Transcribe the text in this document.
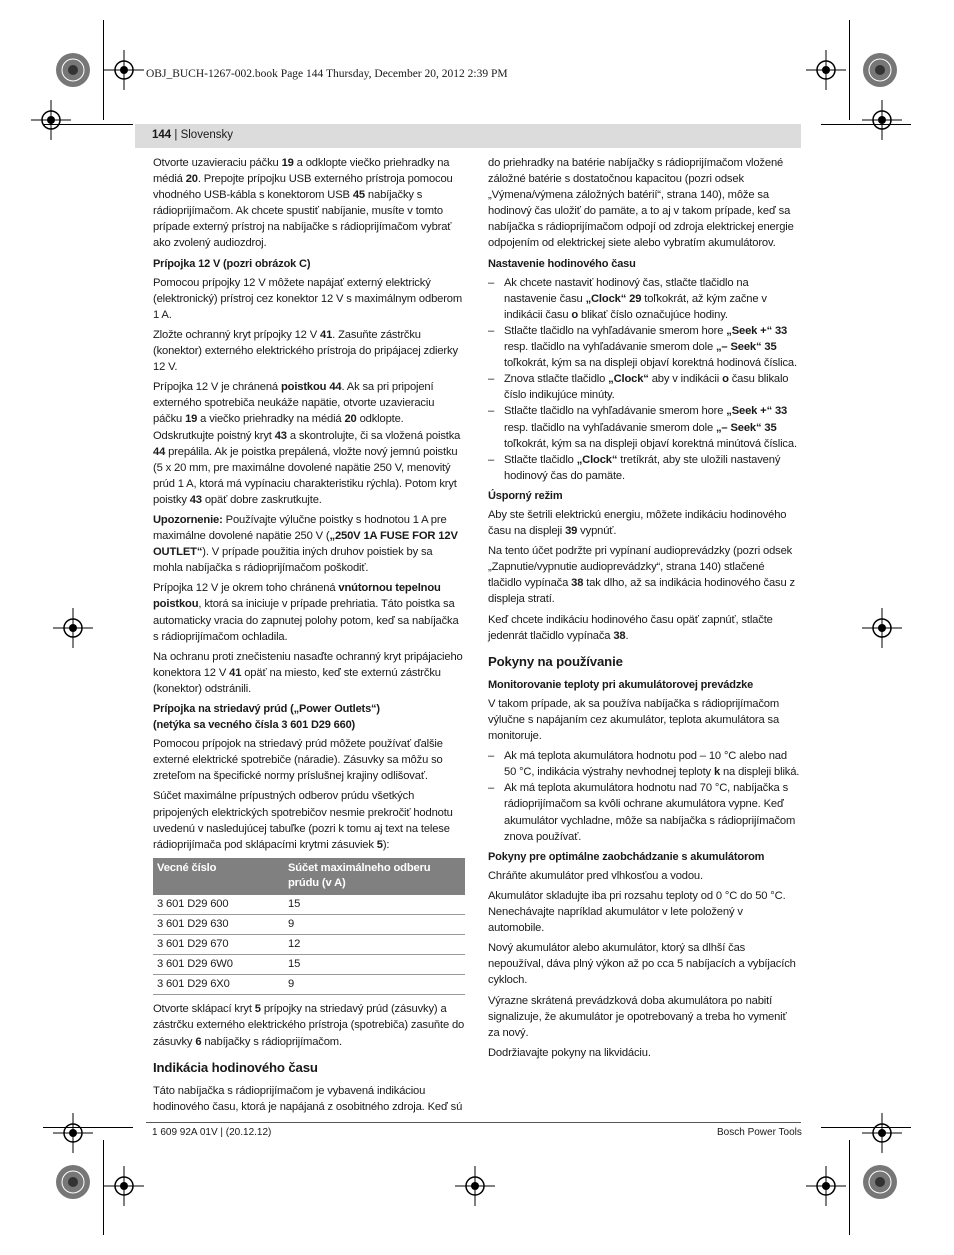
OBJ_BUCH-1267-002.book Page 144 Thursday, December 20, 2012 2:39 PM
144 | Slovensky

Otvorte uzavieraciu páčku 19 a odklopte viečko priehradky na médiá 20. Prepojte prípojku USB externého prístroja pomocou vhodného USB-kábla s konektorom USB 45 nabíjačky s rádioprijímačom. Ak chcete spustiť nabíjanie, musíte v tomto prípade externý prístroj na nabíjačke s rádioprijímačom vybrať ako zvolený audiozdroj.

Prípojka 12 V (pozri obrázok C)

Pomocou prípojky 12 V môžete napájať externý elektrický (elektronický) prístroj cez konektor 12 V s maximálnym odberom 1 A.

Zložte ochranný kryt prípojky 12 V 41. Zasuňte zástrčku (konektor) externého elektrického prístroja do pripájacej zdierky 12 V.

Prípojka 12 V je chránená poistkou 44. Ak sa pri pripojení externého spotrebiča neukáže napätie, otvorte uzavieraciu páčku 19 a viečko priehradky na médiá 20 odklopte. Odskrutkujte poistný kryt 43 a skontrolujte, či sa vložená poistka 44 prepálila. Ak je poistka prepálená, vložte nový jemnú poistku (5 x 20 mm, pre maximálne dovolené napätie 250 V, menovitý prúd 1 A, ktorá má vypínaciu charakteristiku rýchla). Potom kryt poistky 43 opäť dobre zaskrutkujte.

Upozornenie: Používajte výlučne poistky s hodnotou 1 A pre maximálne dovolené napätie 250 V („250V 1A FUSE FOR 12V OUTLET“). V prípade použitia iných druhov poistiek by sa mohla nabíjačka s rádioprijímačom poškodiť.

Prípojka 12 V je okrem toho chránená vnútornou tepelnou poistkou, ktorá sa iniciuje v prípade prehriatia. Táto poistka sa automaticky vracia do zapnutej polohy potom, keď sa nabíjačka s rádioprijímačom ochladila.

Na ochranu proti znečisteniu nasaďte ochranný kryt pripájacieho konektora 12 V 41 opäť na miesto, keď ste externú zástrčku (konektor) odstránili.

Prípojka na striedavý prúd („Power Outlets“)
(netýka sa vecného čísla 3 601 D29 660)

Pomocou prípojok na striedavý prúd môžete používať ďalšie externé elektrické spotrebiče (náradie). Zásuvky sa môžu so zreteľom na špecifické normy príslušnej krajiny odlišovať.

Súčet maximálne prípustných odberov prúdu všetkých pripojených elektrických spotrebičov nesmie prekročiť hodnotu uvedenú v nasledujúcej tabuľke (pozri k tomu aj text na telese rádioprijímača pod sklápacími krytmi zásuviek 5):

Vecné číslo	Súčet maximálneho odberu prúdu (v A)
3 601 D29 600	15
3 601 D29 630	9
3 601 D29 670	12
3 601 D29 6W0	15
3 601 D29 6X0	9

Otvorte sklápací kryt 5 prípojky na striedavý prúd (zásuvky) a zástrčku externého elektrického prístroja (spotrebiča) zasuňte do zásuvky 6 nabíjačky s rádioprijímačom.

Indikácia hodinového času

Táto nabíjačka s rádioprijímačom je vybavená indikáciou hodinového času, ktorá je napájaná z osobitného zdroja. Keď sú

do priehradky na batérie nabíjačky s rádioprijímačom vložené záložné batérie s dostatočnou kapacitou (pozri odsek „Výmena/výmena záložných batérií“, strana 140), môže sa hodinový čas uložiť do pamäte, a to aj v takom prípade, keď sa nabíjačka s rádioprijímačom odpojí od zdroja elektrickej energie odpojením od elektrickej siete alebo vybratím akumulátorov.

Nastavenie hodinového času
– Ak chcete nastaviť hodinový čas, stlačte tlačidlo na nastavenie času „Clock“ 29 toľkokrát, až kým začne v indikácii času o blikať číslo označujúce hodiny.
– Stlačte tlačidlo na vyhľadávanie smerom hore „Seek +“ 33 resp. tlačidlo na vyhľadávanie smerom dole „– Seek“ 35 toľkokrát, kým sa na displeji objaví korektná hodinová číslica.
– Znova stlačte tlačidlo „Clock“ aby v indikácii o času blikalo číslo indikujúce minúty.
– Stlačte tlačidlo na vyhľadávanie smerom hore „Seek +“ 33 resp. tlačidlo na vyhľadávanie smerom dole „– Seek“ 35 toľkokrát, kým sa na displeji objaví korektná minútová číslica.
– Stlačte tlačidlo „Clock“ tretíkrát, aby ste uložili nastavený hodinový čas do pamäte.
Úsporný režim

Aby ste šetrili elektrickú energiu, môžete indikáciu hodinového času na displeji 39 vypnúť.

Na tento účet podržte pri vypínaní audioprevádzky (pozri odsek „Zapnutie/vypnutie audioprevádzky“, strana 140) stlačené tlačidlo vypínača 38 tak dlho, až sa indikácia hodinového času z displeja stratí.

Keď chcete indikáciu hodinového času opäť zapnúť, stlačte jedenrát tlačidlo vypínača 38.

Pokyny na používanie
Monitorovanie teploty pri akumulátorovej prevádzke

V takom prípade, ak sa používa nabíjačka s rádioprijímačom výlučne s napájaním cez akumulátor, teplota akumulátora sa monitoruje.

– Ak má teplota akumulátora hodnotu pod – 10 °C alebo nad 50 °C, indikácia výstrahy nevhodnej teploty k na displeji bliká.
– Ak má teplota akumulátora hodnotu nad 70 °C, nabíjačka s rádioprijímačom sa kvôli ochrane akumulátora vypne. Keď akumulátor vychladne, môže sa nabíjačka s rádioprijímačom znova používať.
Pokyny pre optimálne zaobchádzanie s akumulátorom

Chráňte akumulátor pred vlhkosťou a vodou.

Akumulátor skladujte iba pri rozsahu teploty od 0 °C do 50 °C. Nenechávajte napríklad akumulátor v lete položený v automobile.

Nový akumulátor alebo akumulátor, ktorý sa dlhší čas nepoužíval, dáva plný výkon až po cca 5 nabíjacích a vybíjacích cykloch.

Výrazne skrátená prevádzková doba akumulátora po nabití signalizuje, že akumulátor je opotrebovaný a treba ho vymeniť za nový.

Dodržiavajte pokyny na likvidáciu.

1 609 92A 01V | (20.12.12)	Bosch Power Tools
